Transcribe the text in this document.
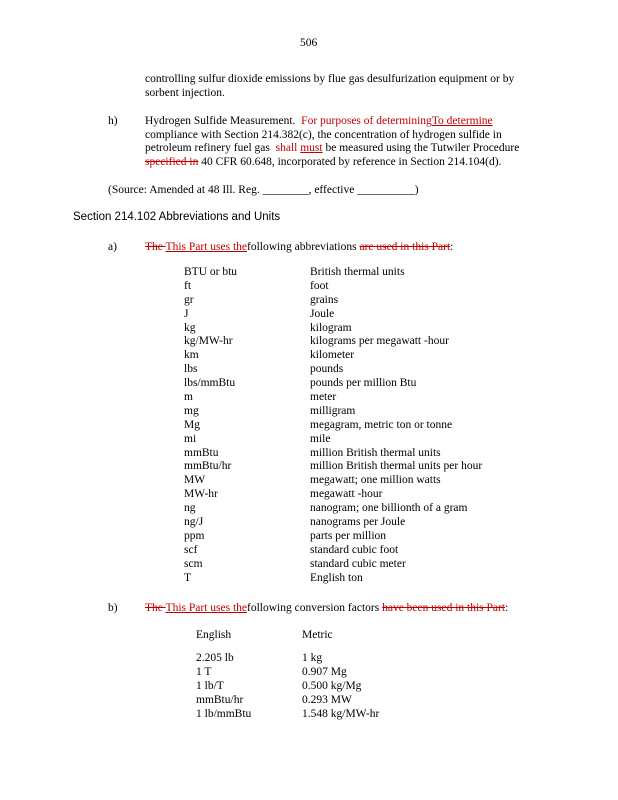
506
controlling sulfur dioxide emissions by flue gas desulfurization equipment or by
sorbent injection.
h) Hydrogen Sulfide Measurement. For purposes of determiningTo determine
compliance with Section 214.382(c), the concentration of hydrogen sulfide in
petroleum refinery fuel gas shall must be measured using the Tutwiler Procedure
specified in 40 CFR 60.648, incorporated by reference in Section 214.104(d).
(Source: Amended at 48 Ill. Reg. ________, effective __________)
Section 214.102 Abbreviations and Units
a) The This Part uses thefollowing abbreviations are used in this Part:
BTU or btu
ft
gr
J
kg
kg/MW-hr
km
lbs
lbs/mmBtu
m
mg
Mg
mi
mmBtu
mmBtu/hr
MW
MW-hr
ng
ng/J
ppm
scf
scm
T
British thermal units
foot
grains
Joule
kilogram
kilograms per megawatt -hour
kilometer
pounds
pounds per million Btu
meter
milligram
megagram, metric ton or tonne
mile
million British thermal units
million British thermal units per hour
megawatt; one million watts
megawatt -hour
nanogram; one billionth of a gram
nanograms per Joule
parts per million
standard cubic foot
standard cubic meter
English ton
b) The This Part uses thefollowing conversion factors have been used in this Part:
English	Metric
2.205 lb
1 T
1 lb/T
mmBtu/hr
1 lb/mmBtu
1 kg
0.907 Mg
0.500 kg/Mg
0.293 MW
1.548 kg/MW-hr
